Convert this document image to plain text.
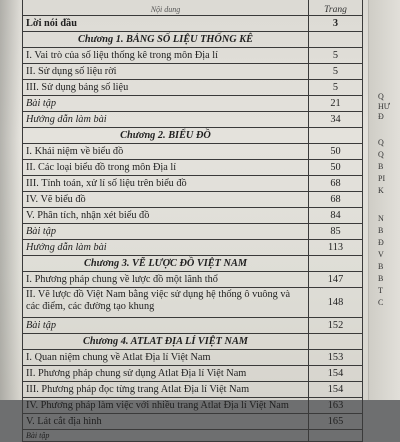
Nội dung	Trang
Lời nói đầu	3
Chương 1. BẢNG SỐ LIỆU THỐNG KÊ	
I. Vai trò của số liệu thống kê trong môn Địa lí	5
II. Sử dụng số liệu rời	5
III. Sử dụng bảng số liệu	5
Bài tập	21
Hướng dẫn làm bài	34
Chương 2. BIỂU ĐỒ	
I. Khái niệm về biểu đồ	50
II. Các loại biểu đồ trong môn Địa lí	50
III. Tính toán, xử lí số liệu trên biểu đồ	68
IV. Vẽ biểu đồ	68
V. Phân tích, nhận xét biểu đồ	84
Bài tập	85
Hướng dẫn làm bài	113
Chương 3. VẼ LƯỢC ĐỒ VIỆT NAM	
I. Phương pháp chung về lược đồ một lãnh thổ	147
II. Vẽ lược đồ Việt Nam bằng việc sử dụng hệ thống ô vuông và các điểm, các đường tạo khung	148
Bài tập	152
Chương 4. ATLAT ĐỊA LÍ VIỆT NAM	
I. Quan niệm chung về Atlat Địa lí Việt Nam	153
II. Phương pháp chung sử dụng Atlat Địa lí Việt Nam	154
III. Phương pháp đọc từng trang Atlat Địa lí Việt Nam	154
IV. Phương pháp làm việc với nhiều trang Atlat Địa lí Việt Nam	163
V. Lát cắt địa hình	165
Bài tập	
Q
HƯ
Đ
Q
Q
B
PI
K
N
B
Đ
V
B
B
T
C
